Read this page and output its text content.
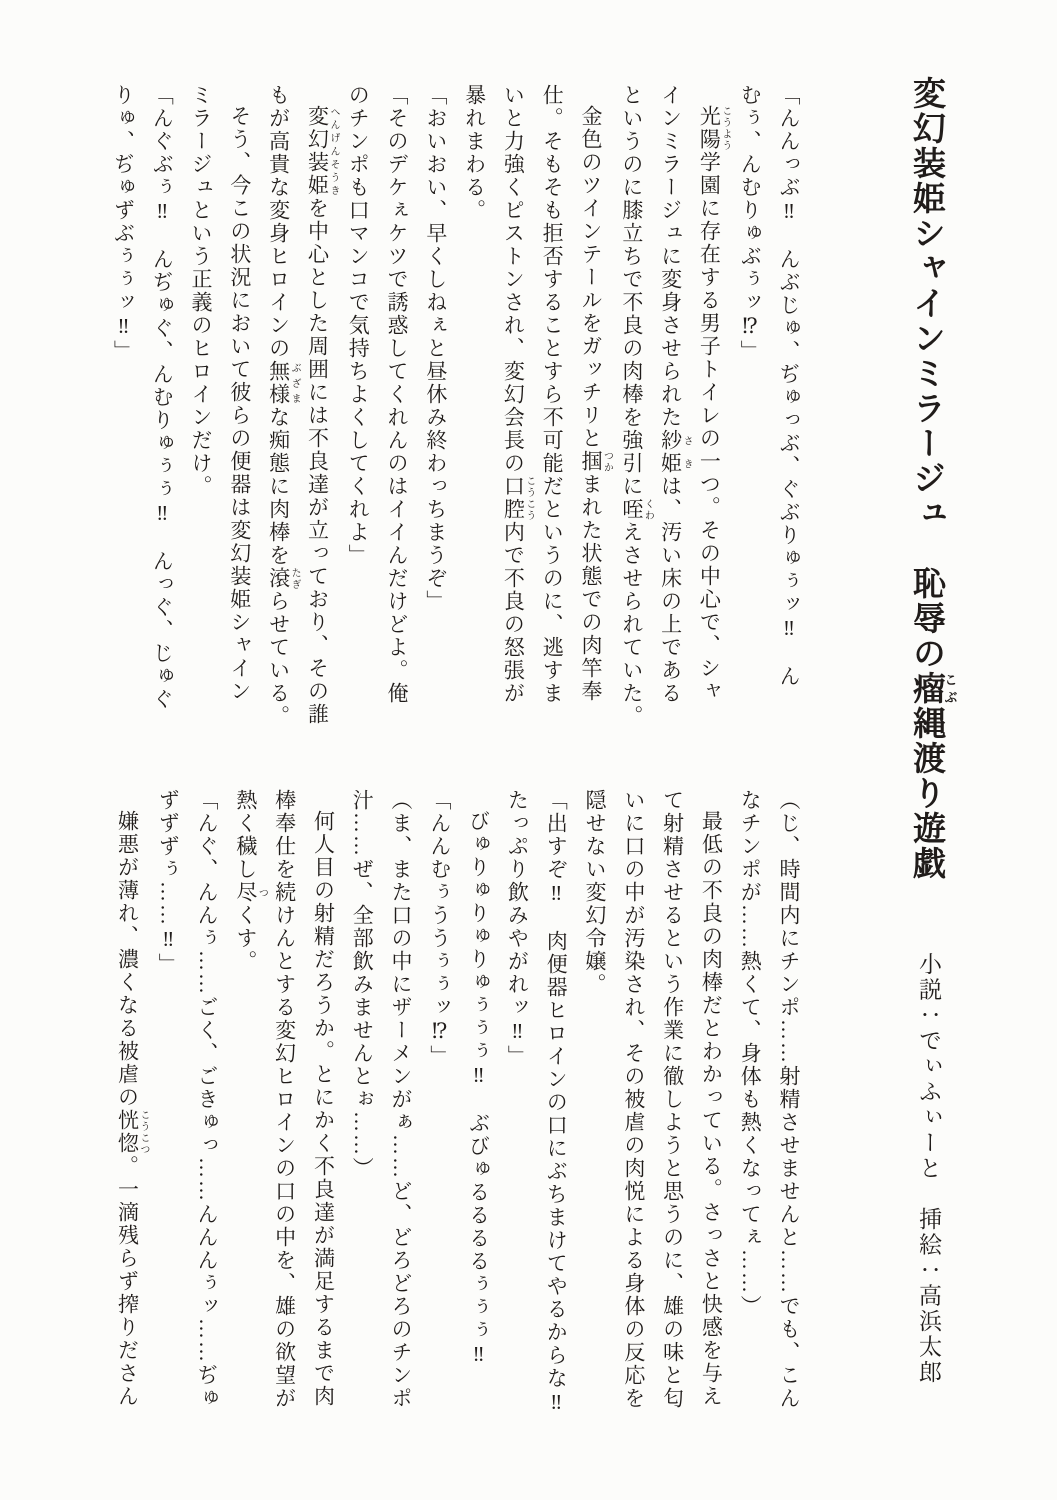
変幻装姫シャインミラージュ　恥辱の瘤こぶ縄渡り遊戯
小説：でぃふぃーと　挿絵：高浜太郎
「んんっぶ‼　んぶじゅ、ぢゅっぶ、ぐぶりゅぅッ‼　ん
むぅ、んむりゅぶぅッ⁉」
光陽こうよう学園に存在する男子トイレの一つ。その中心で、シャ
インミラージュに変身させられた紗姫さきは、汚い床の上である
というのに膝立ちで不良の肉棒を強引に咥くわえさせられていた。
金色のツインテールをガッチリと掴つかまれた状態での肉竿奉
仕。そもそも拒否することすら不可能だというのに、逃すま
いと力強くピストンされ、変幻会長の口腔こうこう内で不良の怒張が
暴れまわる。
「おいおい、早くしねぇと昼休み終わっちまうぞ」
「そのデケぇケツで誘惑してくれんのはイイんだけどよ。俺
のチンポも口マンコで気持ちよくしてくれよ」
変幻装姫へんげんそうきを中心とした周囲には不良達が立っており、その誰
もが高貴な変身ヒロインの無様ぶざまな痴態に肉棒を滾たぎらせている。
そう、今この状況において彼らの便器は変幻装姫シャイン
ミラージュという正義のヒロインだけ。
「んぐぶぅ‼　んぢゅぐ、んむりゅぅぅ‼　んっぐ、じゅぐ
りゅ、ぢゅずぶぅぅッ‼」
（じ、時間内にチンポ……射精させませんと……でも、こん
なチンポが……熱くて、身体も熱くなってぇ……）
最低の不良の肉棒だとわかっている。さっさと快感を与え
て射精させるという作業に徹しようと思うのに、雄の味と匂
いに口の中が汚染され、その被虐の肉悦による身体の反応を
隠せない変幻令嬢。
「出すぞ‼　肉便器ヒロインの口にぶちまけてやるからな‼
たっぷり飲みやがれッ‼」
びゅりゅりゅりゅぅぅぅ‼　ぶびゅるるるるぅぅぅ‼
「んんむぅううぅぅッ⁉」
（ま、また口の中にザーメンがぁ……ど、どろどろのチンポ
汁……ぜ、全部飲みませんとぉ……）
何人目の射精だろうか。とにかく不良達が満足するまで肉
棒奉仕を続けんとする変幻ヒロインの口の中を、雄の欲望が
熱く穢し尽つくす。
「んぐ、んんぅ……ごく、ごきゅっ……んんんぅッ……ぢゅ
ずずずぅ……‼」
嫌悪が薄れ、濃くなる被虐の恍惚こうこつ。一滴残らず搾りださん
